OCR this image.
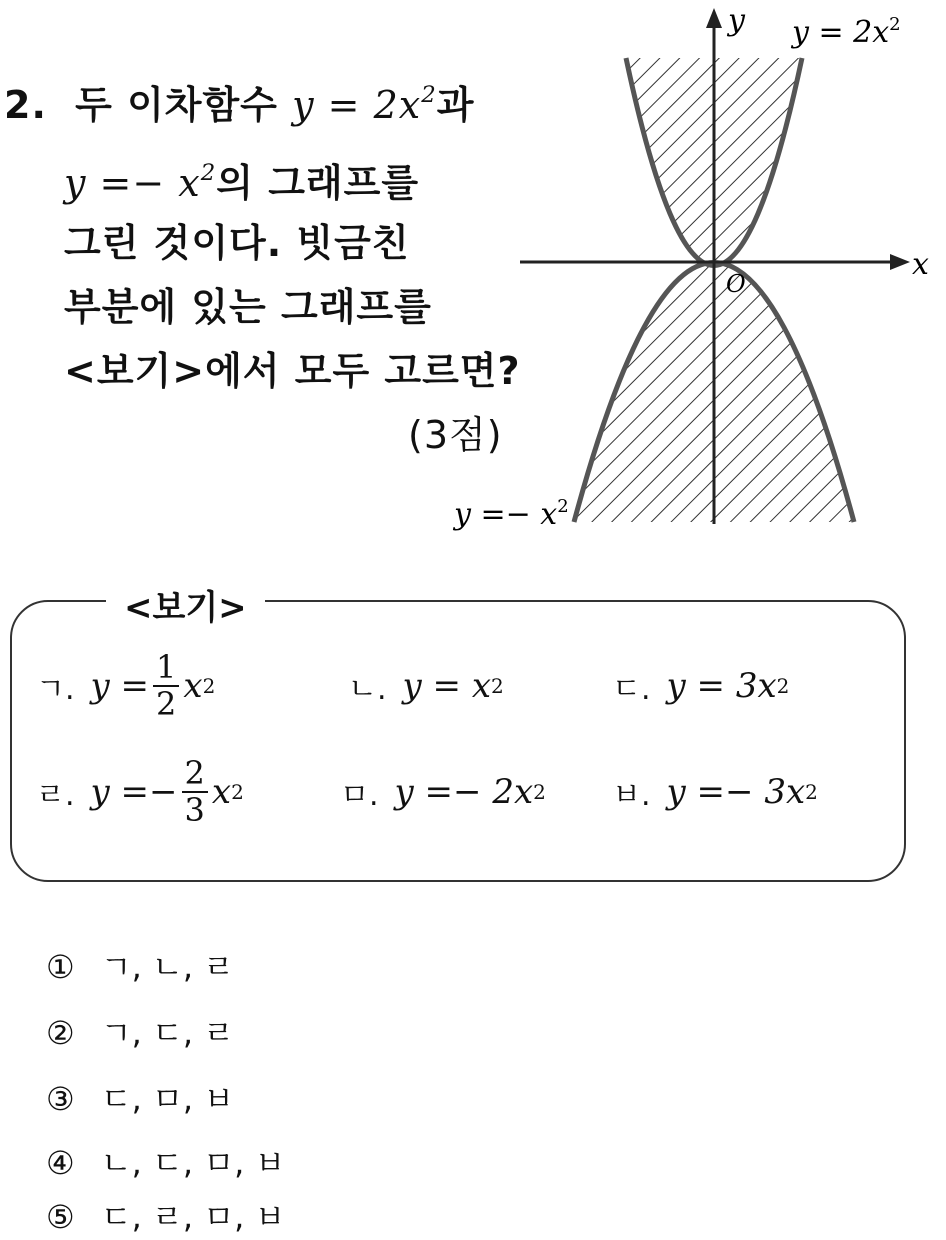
2. 두 이차함수 $y = 2x^2$과
$y =- x^2$의 그래프를
그린 것이다. 빗금친
부분에 있는 그래프를
<보기>에서 모두 고르면?
(3점)
y
x
O
$y = 2x^2$
$y =- x^2$
<보기>
ㄱ. $y = \frac{1}{2}$ x 2	ㄴ. y = x 2	ㄷ. y = 3x 2
ㄹ. $y =- \frac{2}{3}$ x 2	ㅁ. y =− 2x 2 ㅂ. y =− 3x 2
① ㄱ, ㄴ, ㄹ
② ㄱ, ㄷ, ㄹ
③ ㄷ, ㅁ, ㅂ
④ ㄴ, ㄷ, ㅁ, ㅂ
⑤ ㄷ, ㄹ, ㅁ, ㅂ
